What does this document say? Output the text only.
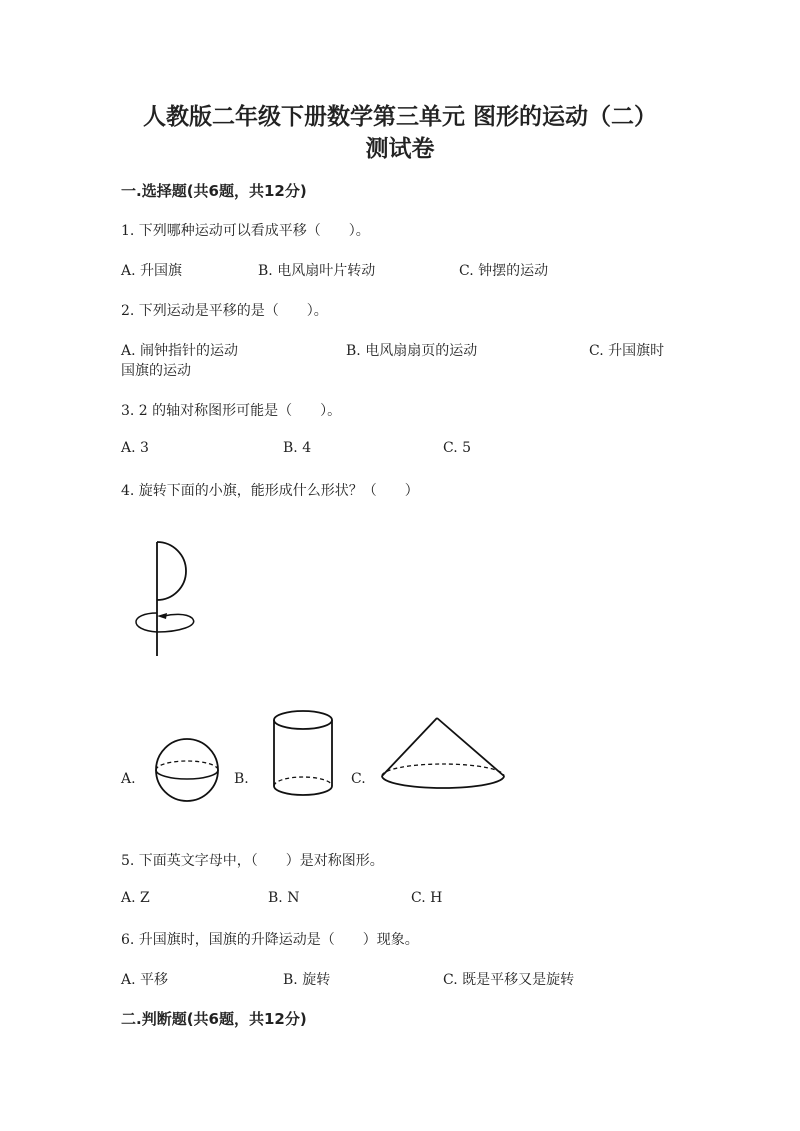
人教版二年级下册数学第三单元 图形的运动（二）
测试卷
一.选择题(共6题，共12分)
1. 下列哪种运动可以看成平移（　　）。
A. 升国旗	B. 电风扇叶片转动	C. 钟摆的运动
2. 下列运动是平移的是（　　）。
A. 闹钟指针的运动	B. 电风扇扇页的运动	C. 升国旗时
国旗的运动
3. 2 的轴对称图形可能是（　　）。
A. 3	B. 4	C. 5
4. 旋转下面的小旗，能形成什么形状？（　　）
A.	B.	C.
5. 下面英文字母中，（　　）是对称图形。
A. Z	B. N	C. H
6. 升国旗时，国旗的升降运动是（　　）现象。
A. 平移	B. 旋转	C. 既是平移又是旋转
二.判断题(共6题，共12分)
